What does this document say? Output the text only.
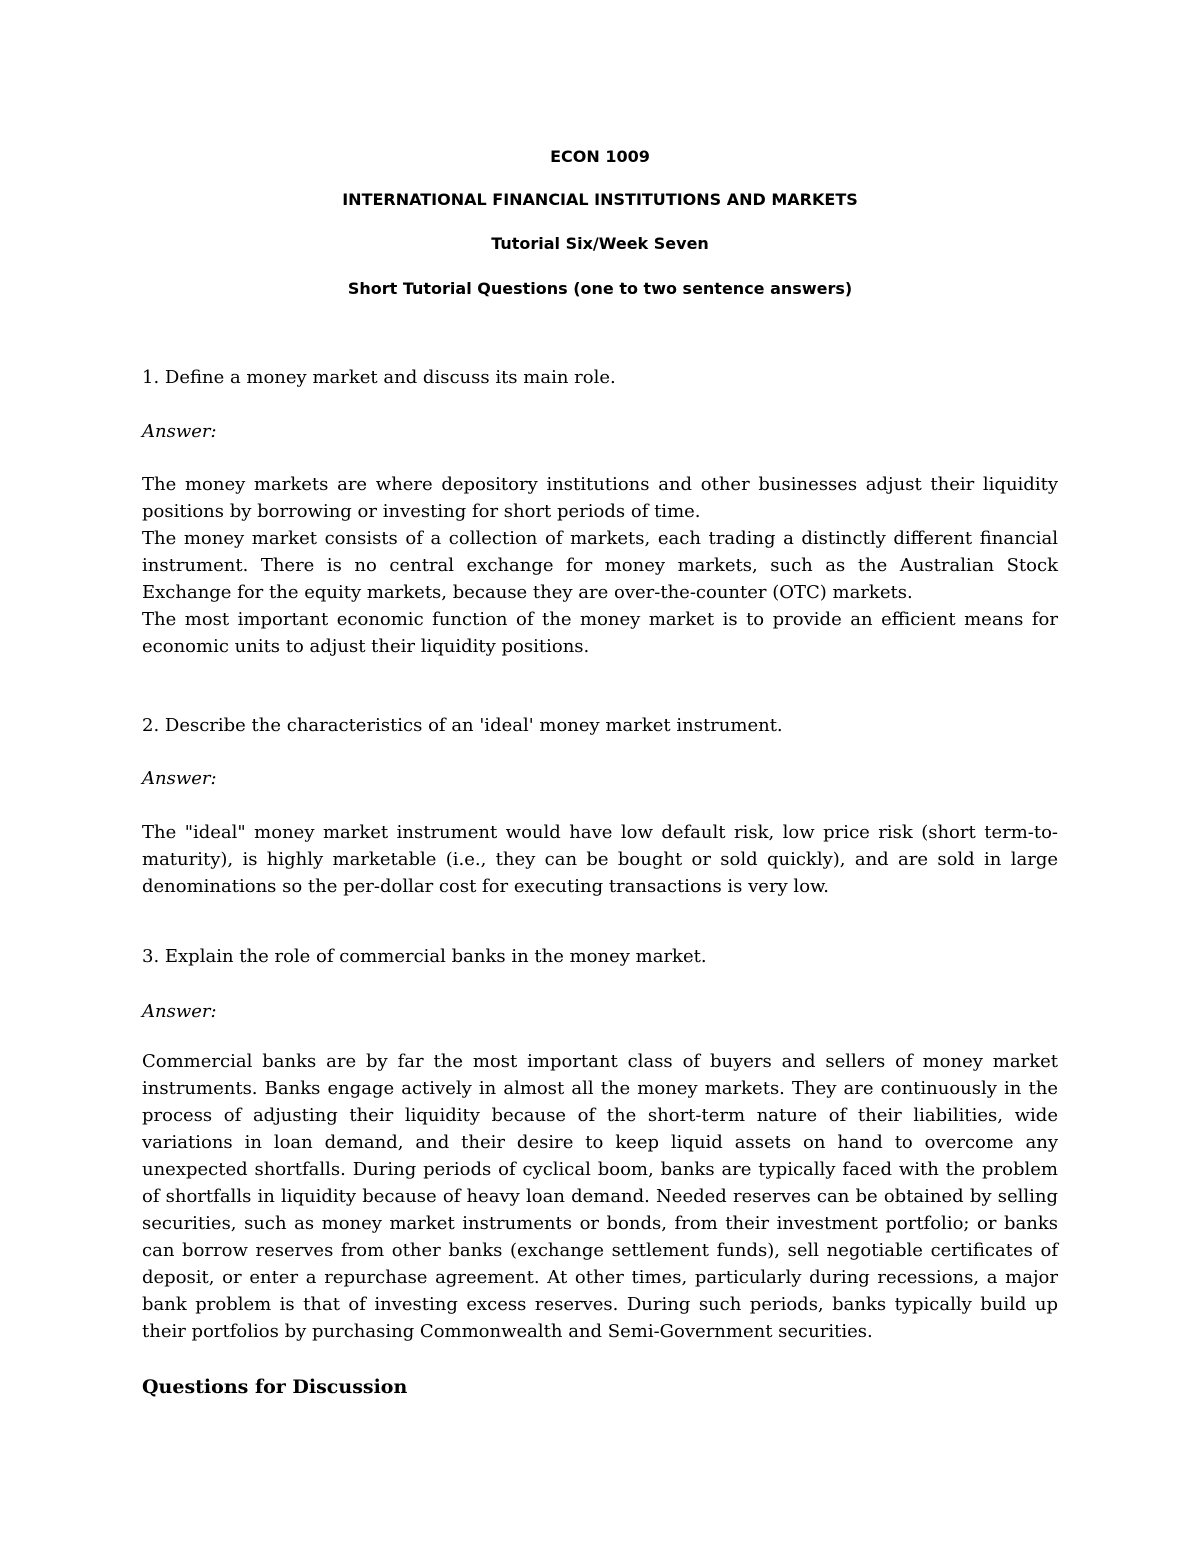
ECON 1009
INTERNATIONAL FINANCIAL INSTITUTIONS AND MARKETS
Tutorial Six/Week Seven
Short Tutorial Questions (one to two sentence answers)
1. Define a money market and discuss its main role.
Answer:

The money markets are where depository institutions and other businesses adjust their liquidity positions by borrowing or investing for short periods of time.

The money market consists of a collection of markets, each trading a distinctly different financial instrument. There is no central exchange for money markets, such as the Australian Stock Exchange for the equity markets, because they are over-the-counter (OTC) markets.

The most important economic function of the money market is to provide an efficient means for economic units to adjust their liquidity positions.

2. Describe the characteristics of an 'ideal' money market instrument.
Answer:

The "ideal" money market instrument would have low default risk, low price risk (short term-to-maturity), is highly marketable (i.e., they can be bought or sold quickly), and are sold in large denominations so the per-dollar cost for executing transactions is very low.

3. Explain the role of commercial banks in the money market.
Answer:

Commercial banks are by far the most important class of buyers and sellers of money market instruments. Banks engage actively in almost all the money markets. They are continuously in the process of adjusting their liquidity because of the short-term nature of their liabilities, wide variations in loan demand, and their desire to keep liquid assets on hand to overcome any unexpected shortfalls. During periods of cyclical boom, banks are typically faced with the problem of shortfalls in liquidity because of heavy loan demand. Needed reserves can be obtained by selling securities, such as money market instruments or bonds, from their investment portfolio; or banks can borrow reserves from other banks (exchange settlement funds), sell negotiable certificates of deposit, or enter a repurchase agreement. At other times, particularly during recessions, a major bank problem is that of investing excess reserves. During such periods, banks typically build up their portfolios by purchasing Commonwealth and Semi-Government securities.

Questions for Discussion
